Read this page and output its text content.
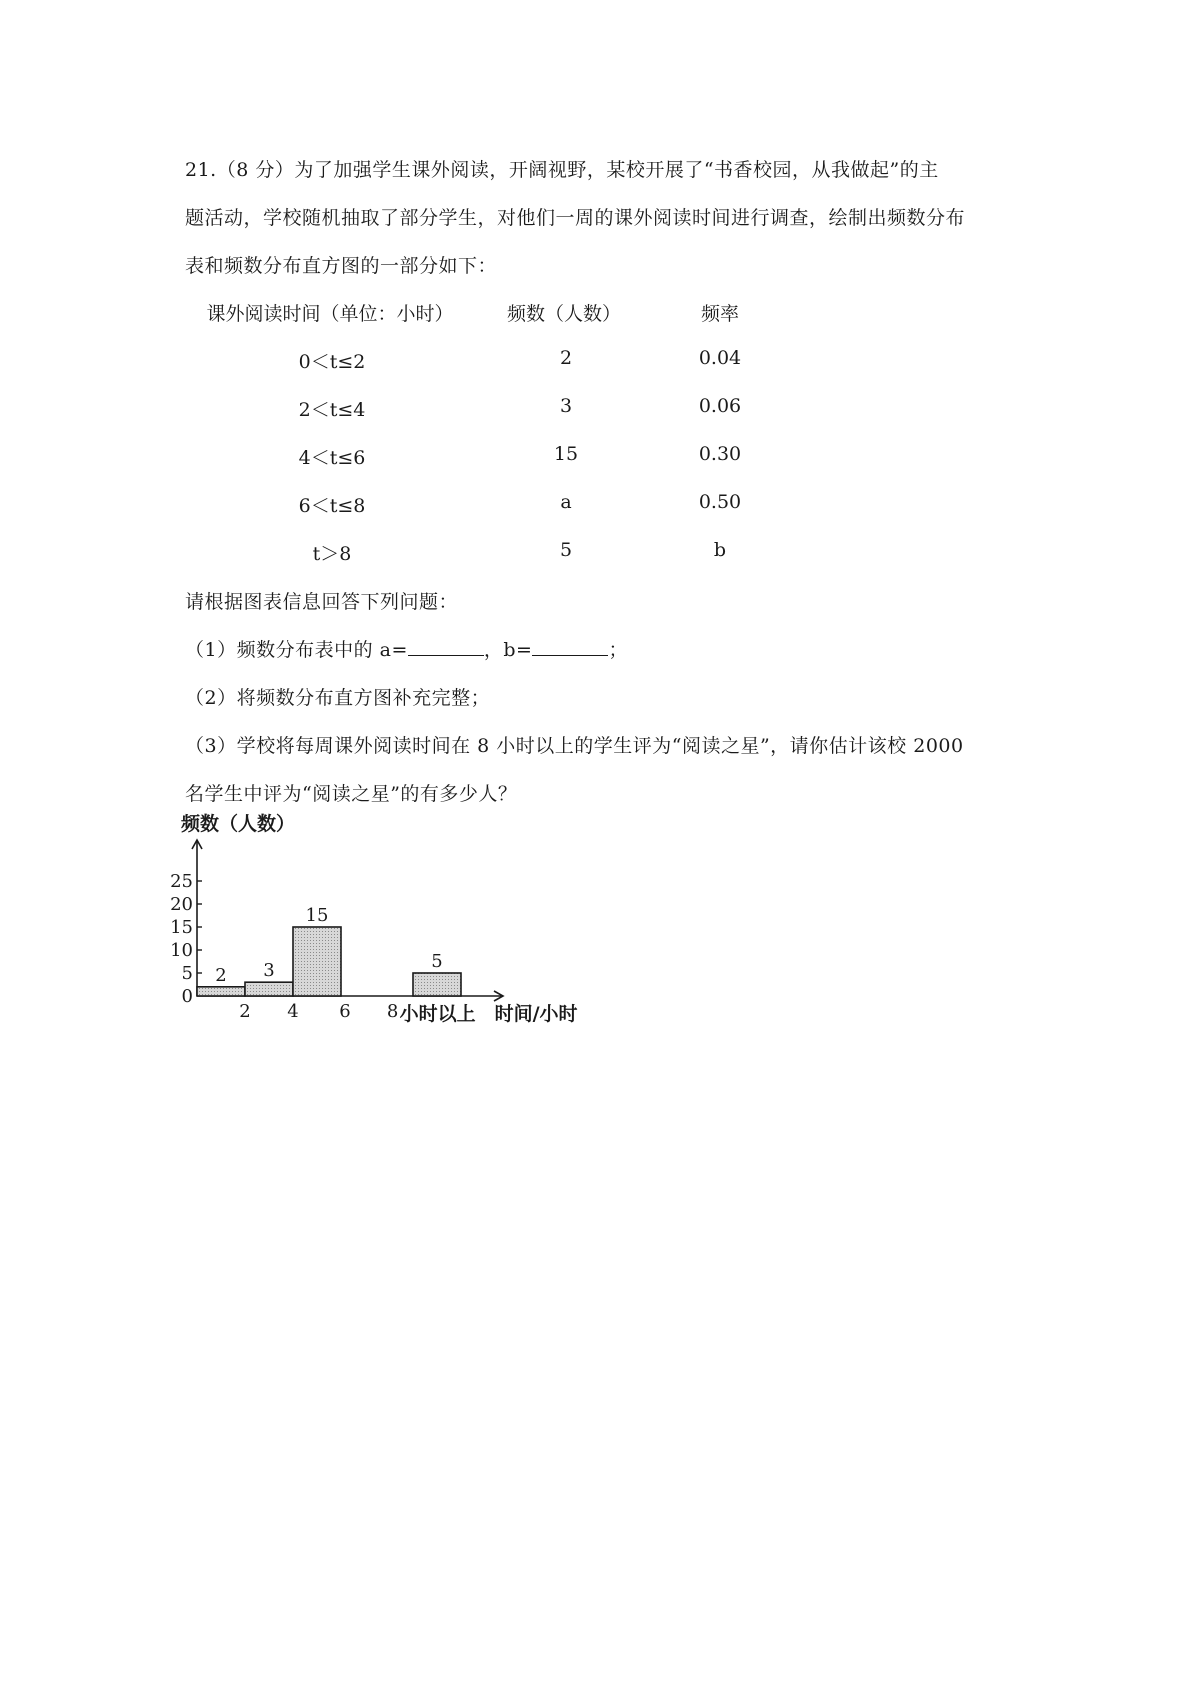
21.（8 分）为了加强学生课外阅读，开阔视野，某校开展了“书香校园，从我做起”的主
题活动，学校随机抽取了部分学生，对他们一周的课外阅读时间进行调查，绘制出频数分布
表和频数分布直方图的一部分如下：
课外阅读时间（单位：小时）	频数（人数）	频率
0＜t≤2	2	0.04
2＜t≤4	3	0.06
4＜t≤6	15	0.30
6＜t≤8	a	0.50
t＞8	5	b
请根据图表信息回答下列问题：
（1）频数分布表中的 a=	，b=	；
（2）将频数分布直方图补充完整；
（3）学校将每周课外阅读时间在 8 小时以上的学生评为“阅读之星”，请你估计该校 2000
名学生中评为“阅读之星”的有多少人？
频数（人数）
0
5
10
15
20
25
2 3
15
5
2 4 6 8 小时以上 时间/小时
